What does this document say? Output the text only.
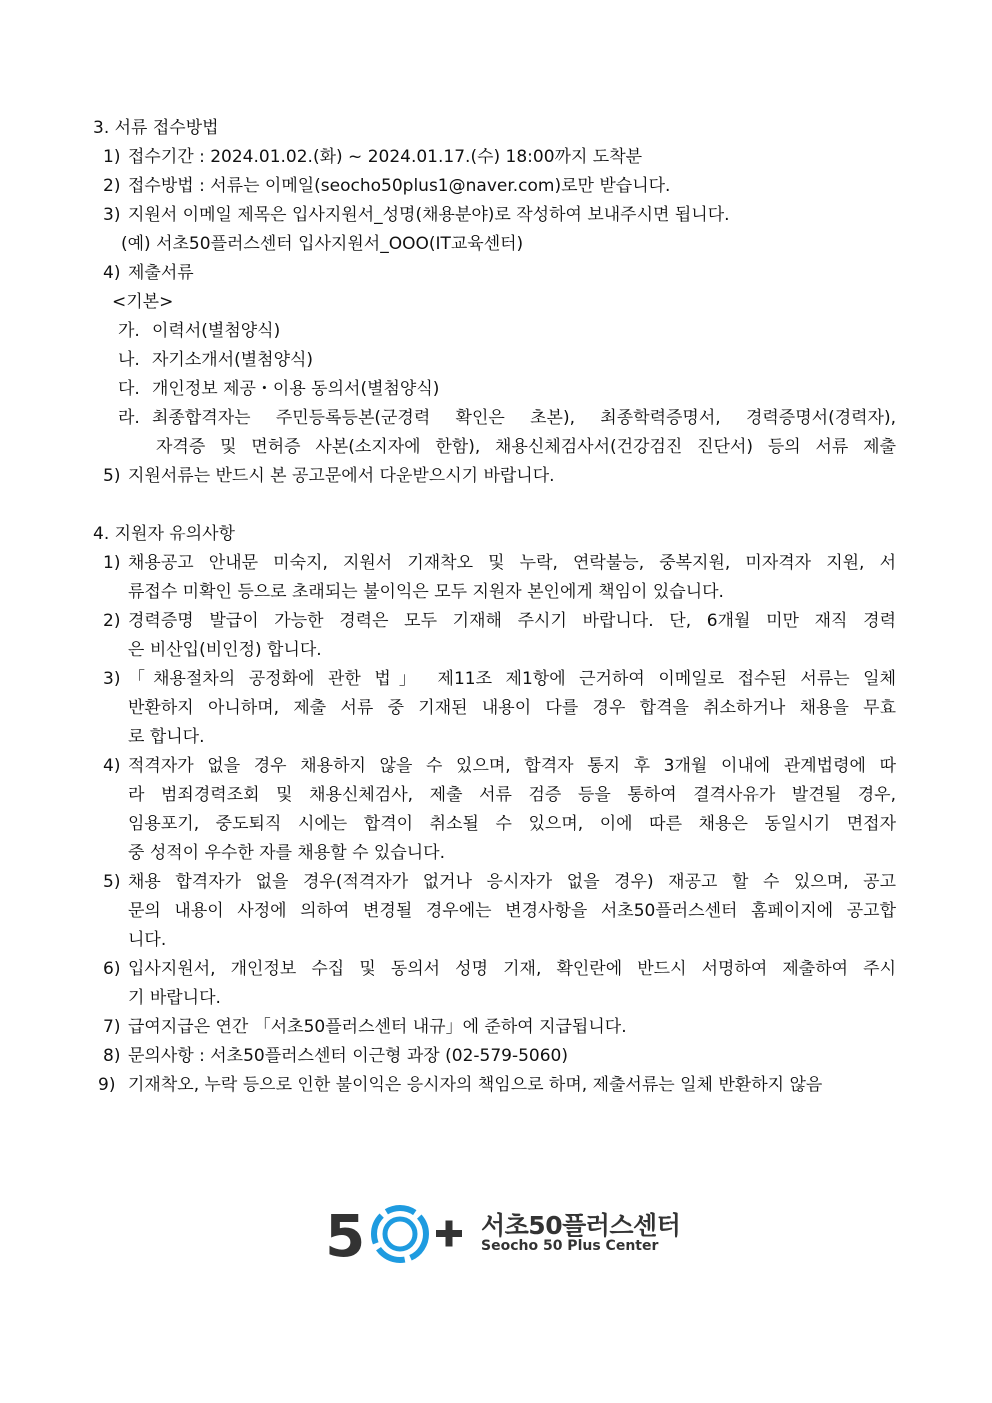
3. 서류 접수방법
1) 접수기간 : 2024.01.02.(화) ~ 2024.01.17.(수) 18:00까지 도착분
2) 접수방법 : 서류는 이메일(seocho50plus1@naver.com)로만 받습니다.
3) 지원서 이메일 제목은 입사지원서_성명(채용분야)로 작성하여 보내주시면 됩니다.
(예) 서초50플러스센터 입사지원서_OOO(IT교육센터)
4) 제출서류
<기본>
가. 이력서(별첨양식)
나. 자기소개서(별첨양식)
다. 개인정보 제공・이용 동의서(별첨양식)
라. 최종합격자는 주민등록등본(군경력 확인은 초본), 최종학력증명서, 경력증명서(경력자),
자격증 및 면허증 사본(소지자에 한함), 채용신체검사서(건강검진 진단서) 등의 서류 제출
5) 지원서류는 반드시 본 공고문에서 다운받으시기 바랍니다.
4. 지원자 유의사항
1) 채용공고 안내문 미숙지, 지원서 기재착오 및 누락, 연락불능, 중복지원, 미자격자 지원, 서
류접수 미확인 등으로 초래되는 불이익은 모두 지원자 본인에게 책임이 있습니다.
2) 경력증명 발급이 가능한 경력은 모두 기재해 주시기 바랍니다. 단, 6개월 미만 재직 경력
은 비산입(비인정) 합니다.
3) 「채용절차의 공정화에 관한 법」 제11조 제1항에 근거하여 이메일로 접수된 서류는 일체
반환하지 아니하며, 제출 서류 중 기재된 내용이 다를 경우 합격을 취소하거나 채용을 무효
로 합니다.
4) 적격자가 없을 경우 채용하지 않을 수 있으며, 합격자 통지 후 3개월 이내에 관계법령에 따
라 범죄경력조회 및 채용신체검사, 제출 서류 검증 등을 통하여 결격사유가 발견될 경우,
임용포기, 중도퇴직 시에는 합격이 취소될 수 있으며, 이에 따른 채용은 동일시기 면접자
중 성적이 우수한 자를 채용할 수 있습니다.
5) 채용 합격자가 없을 경우(적격자가 없거나 응시자가 없을 경우) 재공고 할 수 있으며, 공고
문의 내용이 사정에 의하여 변경될 경우에는 변경사항을 서초50플러스센터 홈페이지에 공고합
니다.
6) 입사지원서, 개인정보 수집 및 동의서 성명 기재, 확인란에 반드시 서명하여 제출하여 주시
기 바랍니다.
7) 급여지급은 연간 「서초50플러스센터 내규」에 준하여 지급됩니다.
8) 문의사항 : 서초50플러스센터 이근형 과장 (02-579-5060)
9) 기재착오, 누락 등으로 인한 불이익은 응시자의 책임으로 하며, 제출서류는 일체 반환하지 않음
5	서초50플러스센터
Seocho 50 Plus Center
